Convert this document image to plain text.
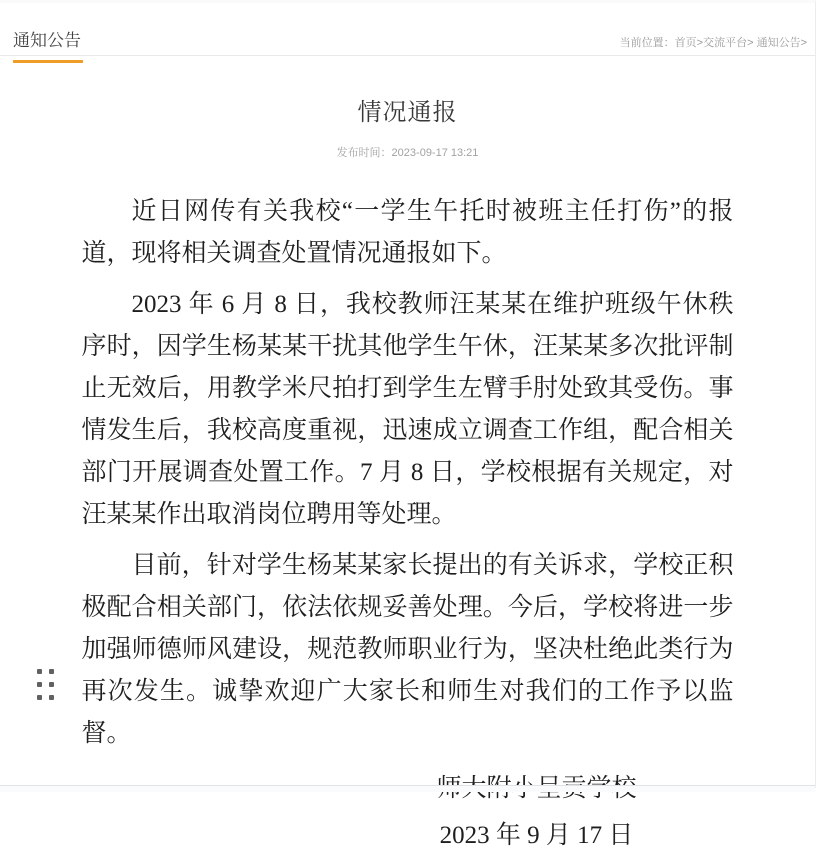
通知公告	当前位置：首页>交流平台> 通知公告>
情况通报
发布时间：2023-09-17 13:21

近日网传有关我校“一学生午托时被班主任打伤”的报道，现将相关调查处置情况通报如下。

2023 年 6 月 8 日，我校教师汪某某在维护班级午休秩序时，因学生杨某某干扰其他学生午休，汪某某多次批评制止无效后，用教学米尺拍打到学生左臂手肘处致其受伤。事情发生后，我校高度重视，迅速成立调查工作组，配合相关部门开展调查处置工作。7 月 8 日，学校根据有关规定，对汪某某作出取消岗位聘用等处理。

目前，针对学生杨某某家长提出的有关诉求，学校正积极配合相关部门，依法依规妥善处理。今后，学校将进一步加强师德师风建设，规范教师职业行为，坚决杜绝此类行为再次发生。诚挚欢迎广大家长和师生对我们的工作予以监督。

2023 年 9 月 17 日
